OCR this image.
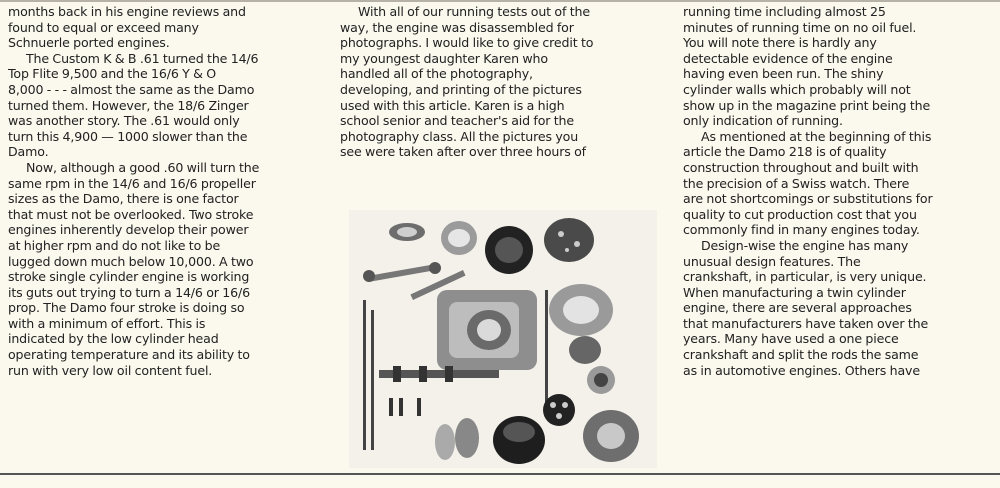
months back in his engine reviews and
found to equal or exceed many
Schnuerle ported engines.
The Custom K & B .61 turned the 14/6
Top Flite 9,500 and the 16/6 Y & O
8,000 - - - almost the same as the Damo
turned them. However, the 18/6 Zinger
was another story. The .61 would only
turn this 4,900 — 1000 slower than the
Damo.
Now, although a good .60 will turn the
same rpm in the 14/6 and 16/6 propeller
sizes as the Damo, there is one factor
that must not be overlooked. Two stroke
engines inherently develop their power
at higher rpm and do not like to be
lugged down much below 10,000. A two
stroke single cylinder engine is working
its guts out trying to turn a 14/6 or 16/6
prop. The Damo four stroke is doing so
with a minimum of effort. This is
indicated by the low cylinder head
operating temperature and its ability to
run with very low oil content fuel.
With all of our running tests out of the
way, the engine was disassembled for
photographs. I would like to give credit to
my youngest daughter Karen who
handled all of the photography,
developing, and printing of the pictures
used with this article. Karen is a high
school senior and teacher's aid for the
photography class. All the pictures you
see were taken after over three hours of
running time including almost 25
minutes of running time on no oil fuel.
You will note there is hardly any
detectable evidence of the engine
having even been run. The shiny
cylinder walls which probably will not
show up in the magazine print being the
only indication of running.
As mentioned at the beginning of this
article the Damo 218 is of quality
construction throughout and built with
the precision of a Swiss watch. There
are not shortcomings or substitutions for
quality to cut production cost that you
commonly find in many engines today.
Design-wise the engine has many
unusual design features. The
crankshaft, in particular, is very unique.
When manufacturing a twin cylinder
engine, there are several approaches
that manufacturers have taken over the
years. Many have used a one piece
crankshaft and split the rods the same
as in automotive engines. Others have
